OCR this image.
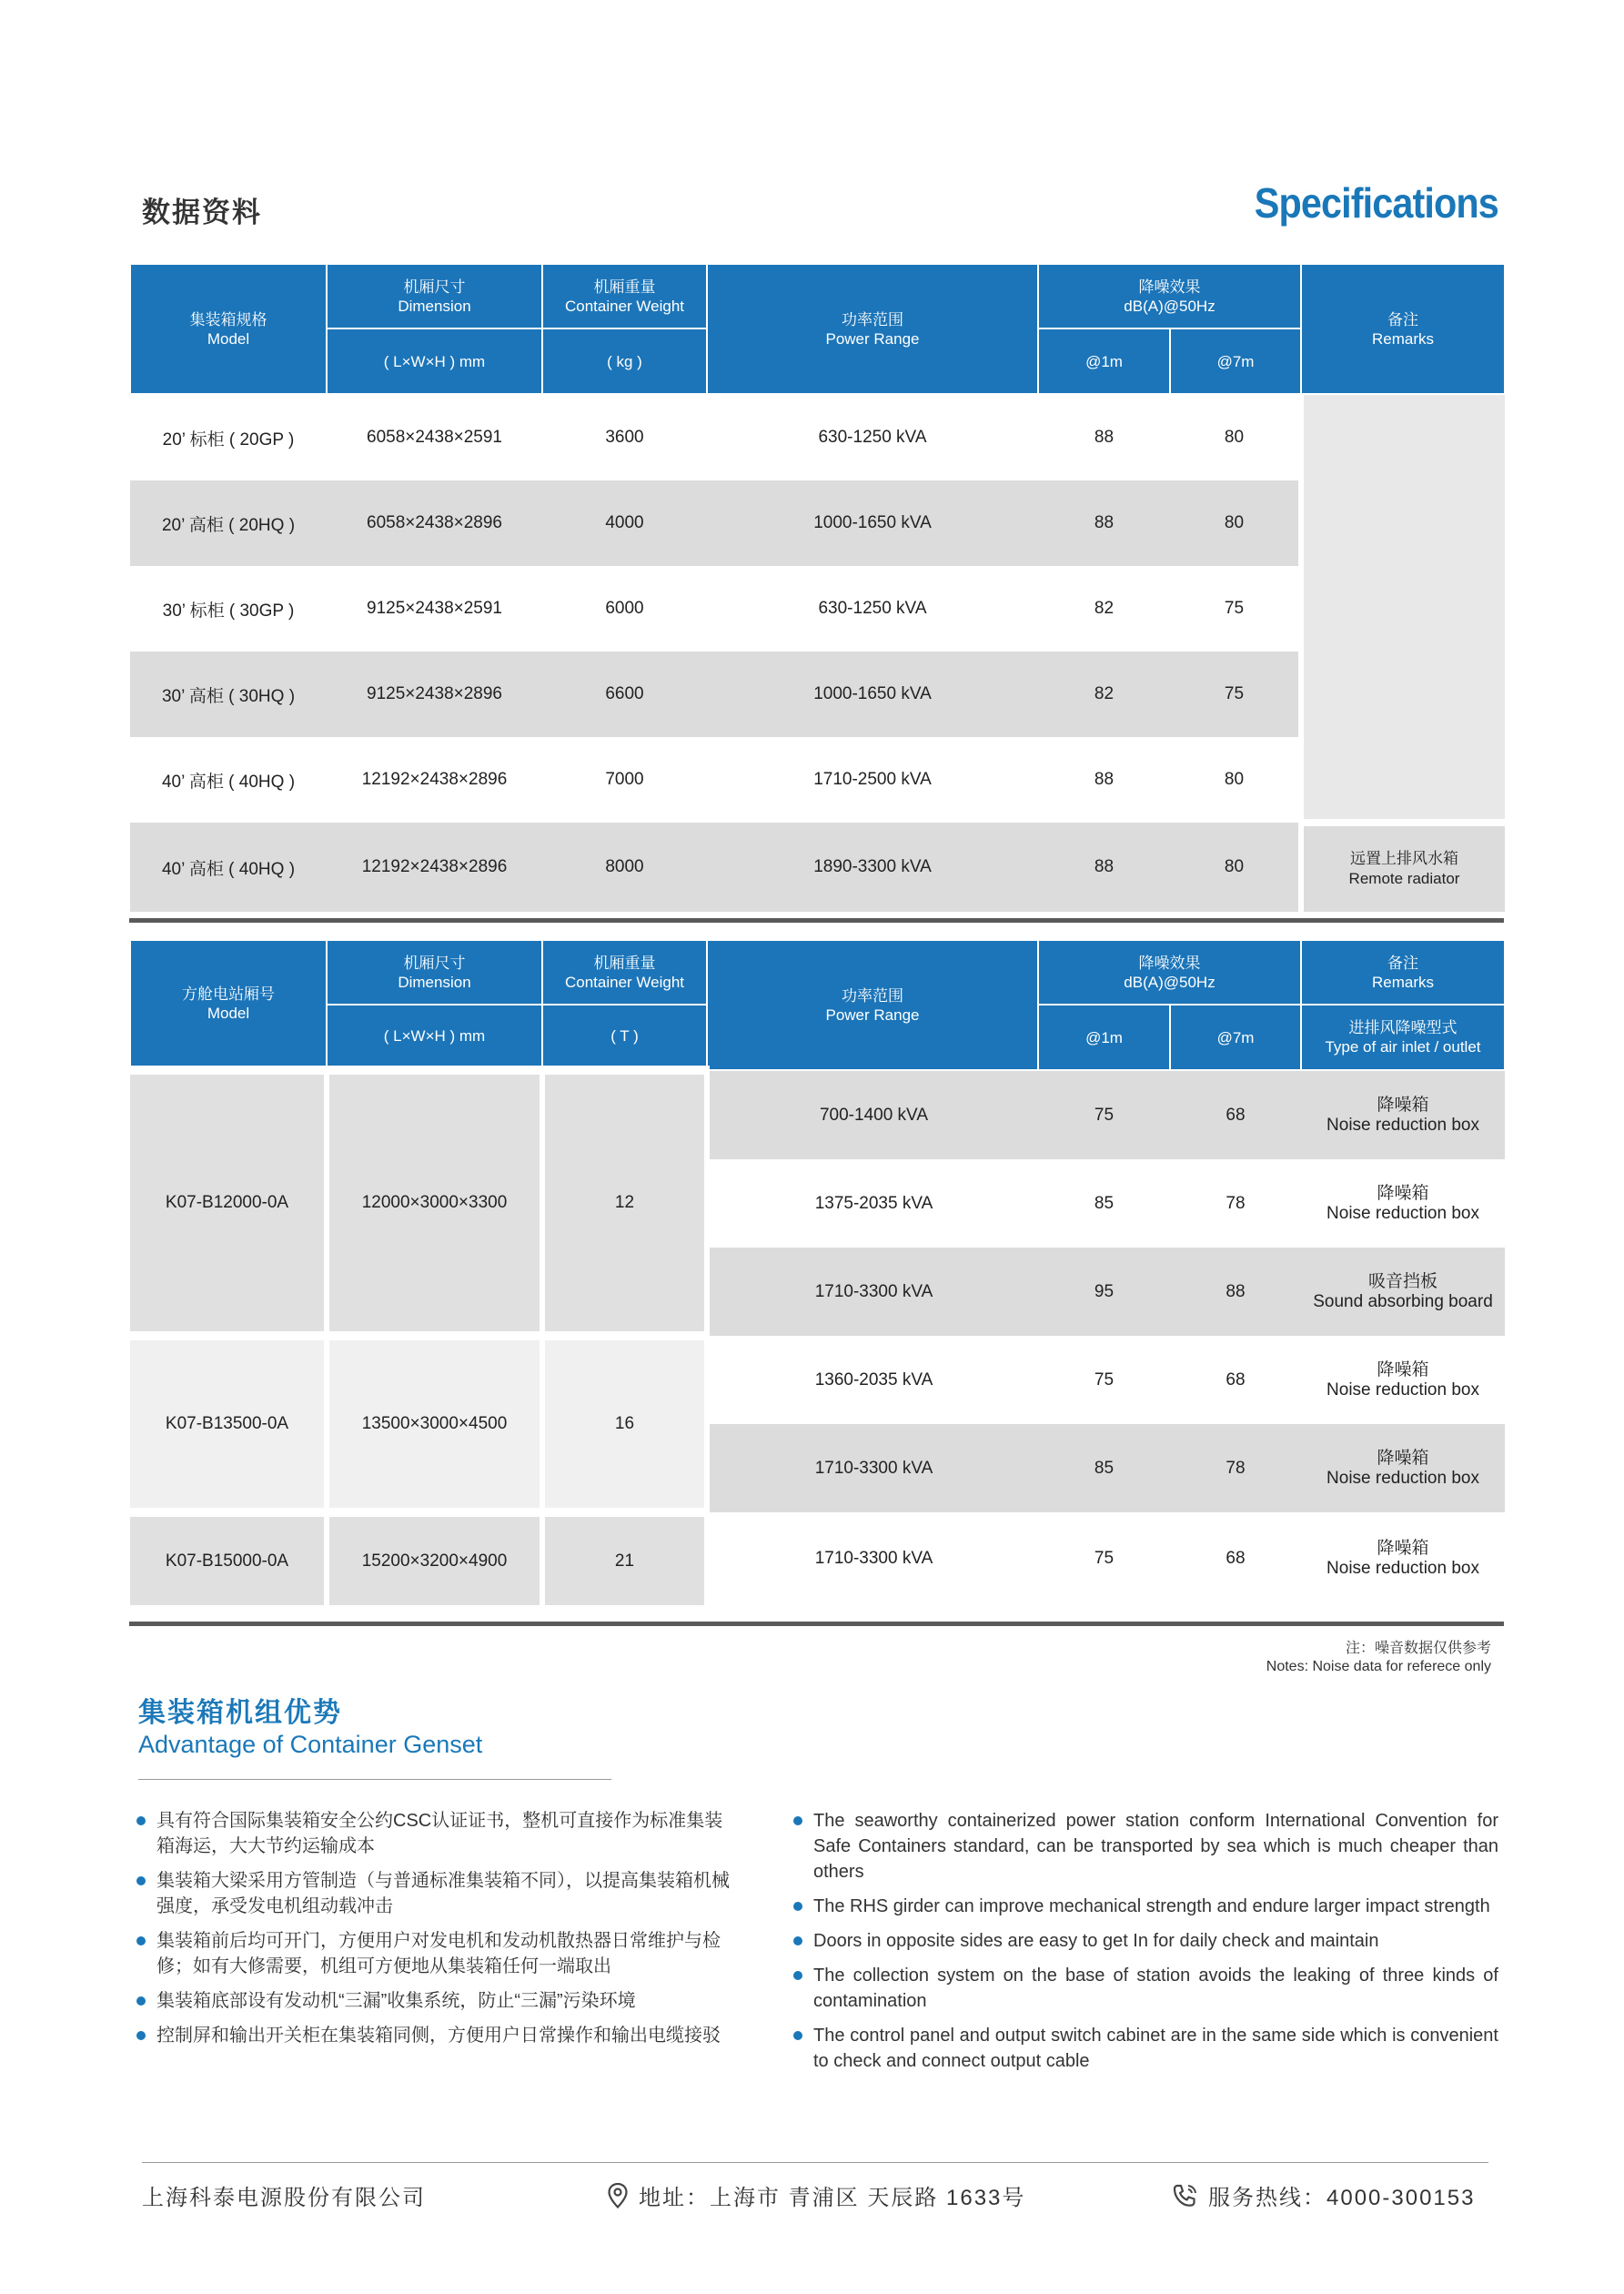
数据资料	Specifications
集装箱规格
Model	机厢尺寸
Dimension	机厢重量
Container Weight	功率范围
Power Range	降噪效果
dB(A)@50Hz		备注
Remarks
	( L×W×H ) mm	( kg )		@1m	@7m	
20’ 标柜 ( 20GP )	6058×2438×2591	3600	630-1250 kVA	88	80	
20’ 高柜 ( 20HQ )	6058×2438×2896	4000	1000-1650 kVA	88	80	
30’ 标柜 ( 30GP )	9125×2438×2591	6000	630-1250 kVA	82	75	
30’ 高柜 ( 30HQ )	9125×2438×2896	6600	1000-1650 kVA	82	75	
40’ 高柜 ( 40HQ )	12192×2438×2896	7000	1710-2500 kVA	88	80	
40’ 高柜 ( 40HQ )	12192×2438×2896	8000	1890-3300 kVA	88	80	远置上排风水箱
Remote radiator
方舱电站厢号
Model	机厢尺寸
Dimension	机厢重量
Container Weight	功率范围
Power Range	降噪效果
dB(A)@50Hz		备注
Remarks
	( L×W×H ) mm	( T )		@1m	@7m	进排风降噪型式
Type of air inlet / outlet
K07-B12000-0A	12000×3000×3300	12	700-1400 kVA	75	68	降噪箱
Noise reduction box
			1375-2035 kVA	85	78	降噪箱
Noise reduction box
			1710-3300 kVA	95	88	吸音挡板
Sound absorbing board
K07-B13500-0A	13500×3000×4500	16	1360-2035 kVA	75	68	降噪箱
Noise reduction box
			1710-3300 kVA	85	78	降噪箱
Noise reduction box
K07-B15000-0A	15200×3200×4900	21	1710-3300 kVA	75	68	降噪箱
Noise reduction box
注：噪音数据仅供参考
Notes: Noise data for referece only
集装箱机组优势
Advantage of Container Genset
具有符合国际集装箱安全公约CSC认证证书，整机可直接作为标准集装箱海运，大大节约运输成本
集装箱大梁采用方管制造（与普通标准集装箱不同），以提高集装箱机械强度，承受发电机组动载冲击
集装箱前后均可开门，方便用户对发电机和发动机散热器日常维护与检修；如有大修需要，机组可方便地从集装箱任何一端取出
集装箱底部设有发动机“三漏”收集系统，防止“三漏”污染环境
控制屏和输出开关柜在集装箱同侧，方便用户日常操作和输出电缆接驳
The seaworthy containerized power station conform International Convention for Safe Containers standard, can be transported by sea which is much cheaper than others
The RHS girder can improve mechanical strength and endure larger impact strength
Doors in opposite sides are easy to get In for daily check and maintain
The collection system on the base of station avoids the leaking of three kinds of contamination
The control panel and output switch cabinet are in the same side which is convenient to check and connect output cable
上海科泰电源股份有限公司	地址：上海市 青浦区 天辰路 1633号	服务热线：4000-300153
